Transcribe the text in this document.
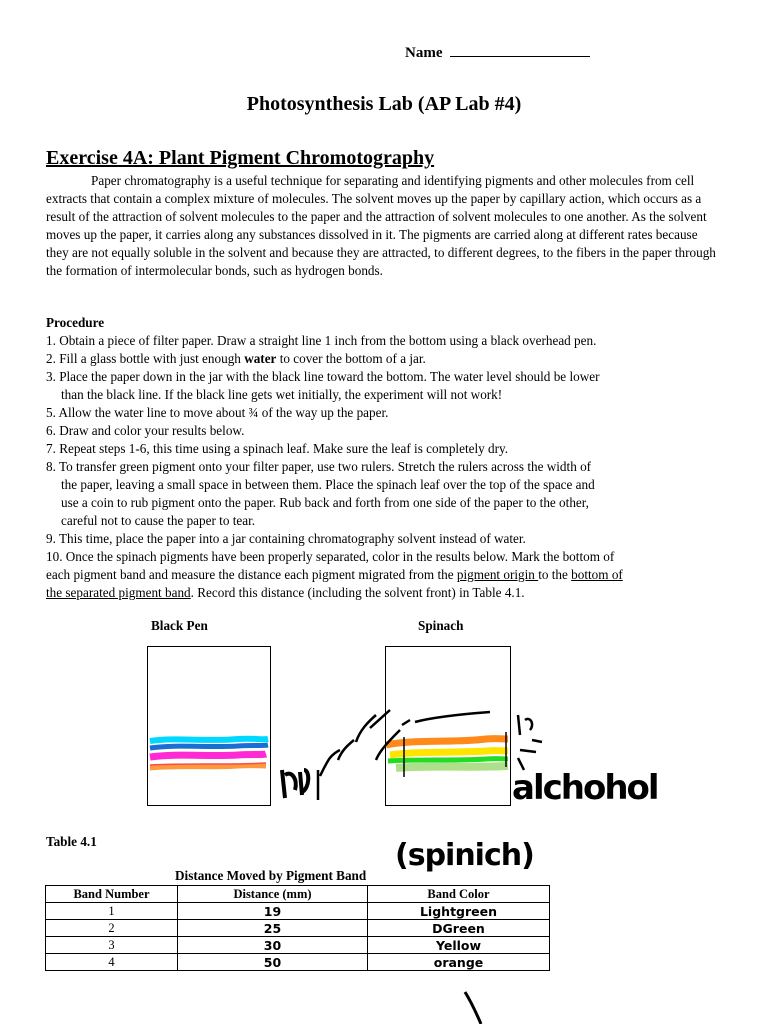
Name
Photosynthesis Lab (AP Lab #4)
Exercise 4A: Plant Pigment Chromotography
Paper chromatography is a useful technique for separating and identifying pigments and other molecules from cell extracts that contain a complex mixture of molecules. The solvent moves up the paper by capillary action, which occurs as a result of the attraction of solvent molecules to the paper and the attraction of solvent molecules to one another. As the solvent moves up the paper, it carries along any substances dissolved in it. The pigments are carried along at different rates because they are not equally soluble in the solvent and because they are attracted, to different degrees, to the fibers in the paper through the formation of intermolecular bonds, such as hydrogen bonds.
Procedure
1. Obtain a piece of filter paper. Draw a straight line 1 inch from the bottom using a black overhead pen.
2. Fill a glass bottle with just enough water to cover the bottom of a jar.
3. Place the paper down in the jar with the black line toward the bottom. The water level should be lower
than the black line. If the black line gets wet initially, the experiment will not work!
5. Allow the water line to move about ¾ of the way up the paper.
6. Draw and color your results below.
7. Repeat steps 1-6, this time using a spinach leaf. Make sure the leaf is completely dry.
8. To transfer green pigment onto your filter paper, use two rulers. Stretch the rulers across the width of
the paper, leaving a small space in between them. Place the spinach leaf over the top of the space and
use a coin to rub pigment onto the paper. Rub back and forth from one side of the paper to the other,
careful not to cause the paper to tear.
9. This time, place the paper into a jar containing chromatography solvent instead of water.
10. Once the spinach pigments have been properly separated, color in the results below. Mark the bottom of
each pigment band and measure the distance each pigment migrated from the pigment origin to the bottom of
the separated pigment band. Record this distance (including the solvent front) in Table 4.1.
Black Pen	Spinach
alchohol
(spinich)
Table 4.1
Distance Moved by Pigment Band
Band Number	Distance (mm)	Band Color
1	19	Lightgreen
2	25	DGreen
3	30	Yellow
4	50	orange
